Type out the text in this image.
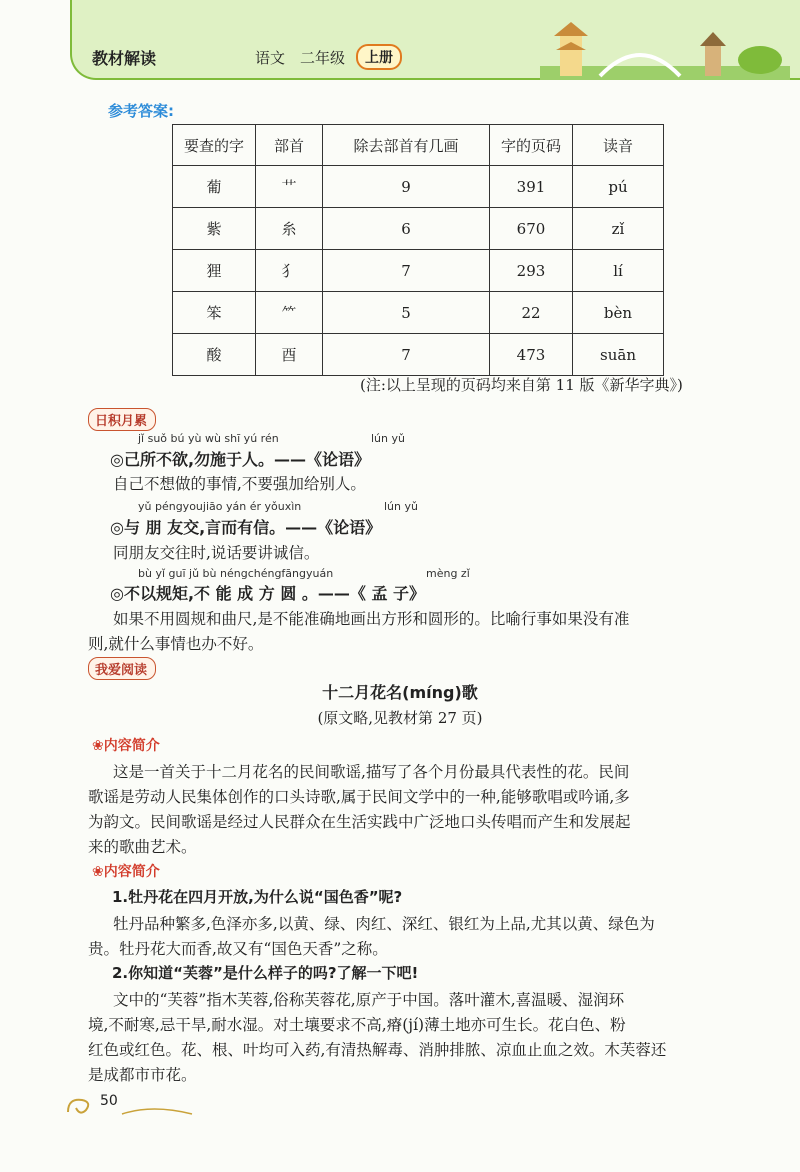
教材解读	语文 二年级	上册
参考答案:
要查的字	部首	除去部首有几画	字的页码	读音
葡	艹	9	391	pú
紫	糸	6	670	zǐ
狸	犭	7	293	lí
笨	⺮	5	22	bèn
酸	酉	7	473	suān
(注:以上呈现的页码均来自第 11 版《新华字典》)
日积月累
jǐ suǒ bú yù wù shī yú rén	lún yǔ
◎己所不欲,勿施于人。——《论语》
自己不想做的事情,不要强加给别人。
yǔ péngyoujiāo yán ér yǒuxìn	lún yǔ
◎与 朋 友交,言而有信。——《论语》
同朋友交往时,说话要讲诚信。
bù yǐ guī jǔ bù néngchéngfāngyuán	mèng zǐ
◎不以规矩,不 能 成 方 圆 。——《 孟 子》
如果不用圆规和曲尺,是不能准确地画出方形和圆形的。比喻行事如果没有准
则,就什么事情也办不好。
我爱阅读
十二月花名(míng)歌
(原文略,见教材第 27 页)
❀内容简介
这是一首关于十二月花名的民间歌谣,描写了各个月份最具代表性的花。民间
歌谣是劳动人民集体创作的口头诗歌,属于民间文学中的一种,能够歌唱或吟诵,多
为韵文。民间歌谣是经过人民群众在生活实践中广泛地口头传唱而产生和发展起
来的歌曲艺术。
❀内容简介
1.牡丹花在四月开放,为什么说“国色香”呢?
牡丹品种繁多,色泽亦多,以黄、绿、肉红、深红、银红为上品,尤其以黄、绿色为
贵。牡丹花大而香,故又有“国色天香”之称。
2.你知道“芙蓉”是什么样子的吗?了解一下吧!
文中的“芙蓉”指木芙蓉,俗称芙蓉花,原产于中国。落叶灌木,喜温暖、湿润环
境,不耐寒,忌干旱,耐水湿。对土壤要求不高,瘠(jí)薄土地亦可生长。花白色、粉
红色或红色。花、根、叶均可入药,有清热解毒、消肿排脓、凉血止血之效。木芙蓉还
是成都市市花。
50
